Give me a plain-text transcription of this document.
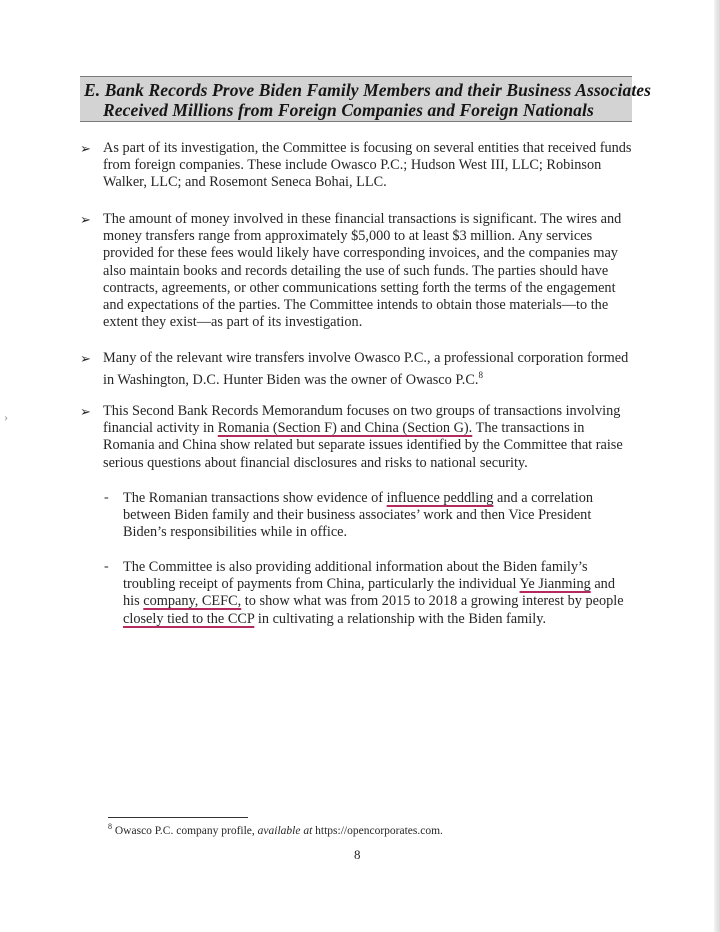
›
E. Bank Records Prove Biden Family Members and their Business Associates
Received Millions from Foreign Companies and Foreign Nationals
➢ As part of its investigation, the Committee is focusing on several entities that received funds from foreign companies. These include Owasco P.C.; Hudson West III, LLC; Robinson Walker, LLC; and Rosemont Seneca Bohai, LLC.
➢ The amount of money involved in these financial transactions is significant. The wires and money transfers range from approximately $5,000 to at least $3 million. Any services provided for these fees would likely have corresponding invoices, and the companies may also maintain books and records detailing the use of such funds. The parties should have contracts, agreements, or other communications setting forth the terms of the engagement and expectations of the parties. The Committee intends to obtain those materials—to the extent they exist—as part of its investigation.
➢ Many of the relevant wire transfers involve Owasco P.C., a professional corporation formed in Washington, D.C. Hunter Biden was the owner of Owasco P.C.$^8$
➢ This Second Bank Records Memorandum focuses on two groups of transactions involving financial activity in Romania (Section F) and China (Section G). The transactions in Romania and China show related but separate issues identified by the Committee that raise serious questions about financial disclosures and risks to national security.
- The Romanian transactions show evidence of influence peddling and a correlation between Biden family and their business associates’ work and then Vice President Biden’s responsibilities while in office.
- The Committee is also providing additional information about the Biden family’s troubling receipt of payments from China, particularly the individual Ye Jianming and his company, CEFC, to show what was from 2015 to 2018 a growing interest by people closely tied to the CCP in cultivating a relationship with the Biden family.
$^8$ Owasco P.C. company profile, available at https://opencorporates.com.
8
